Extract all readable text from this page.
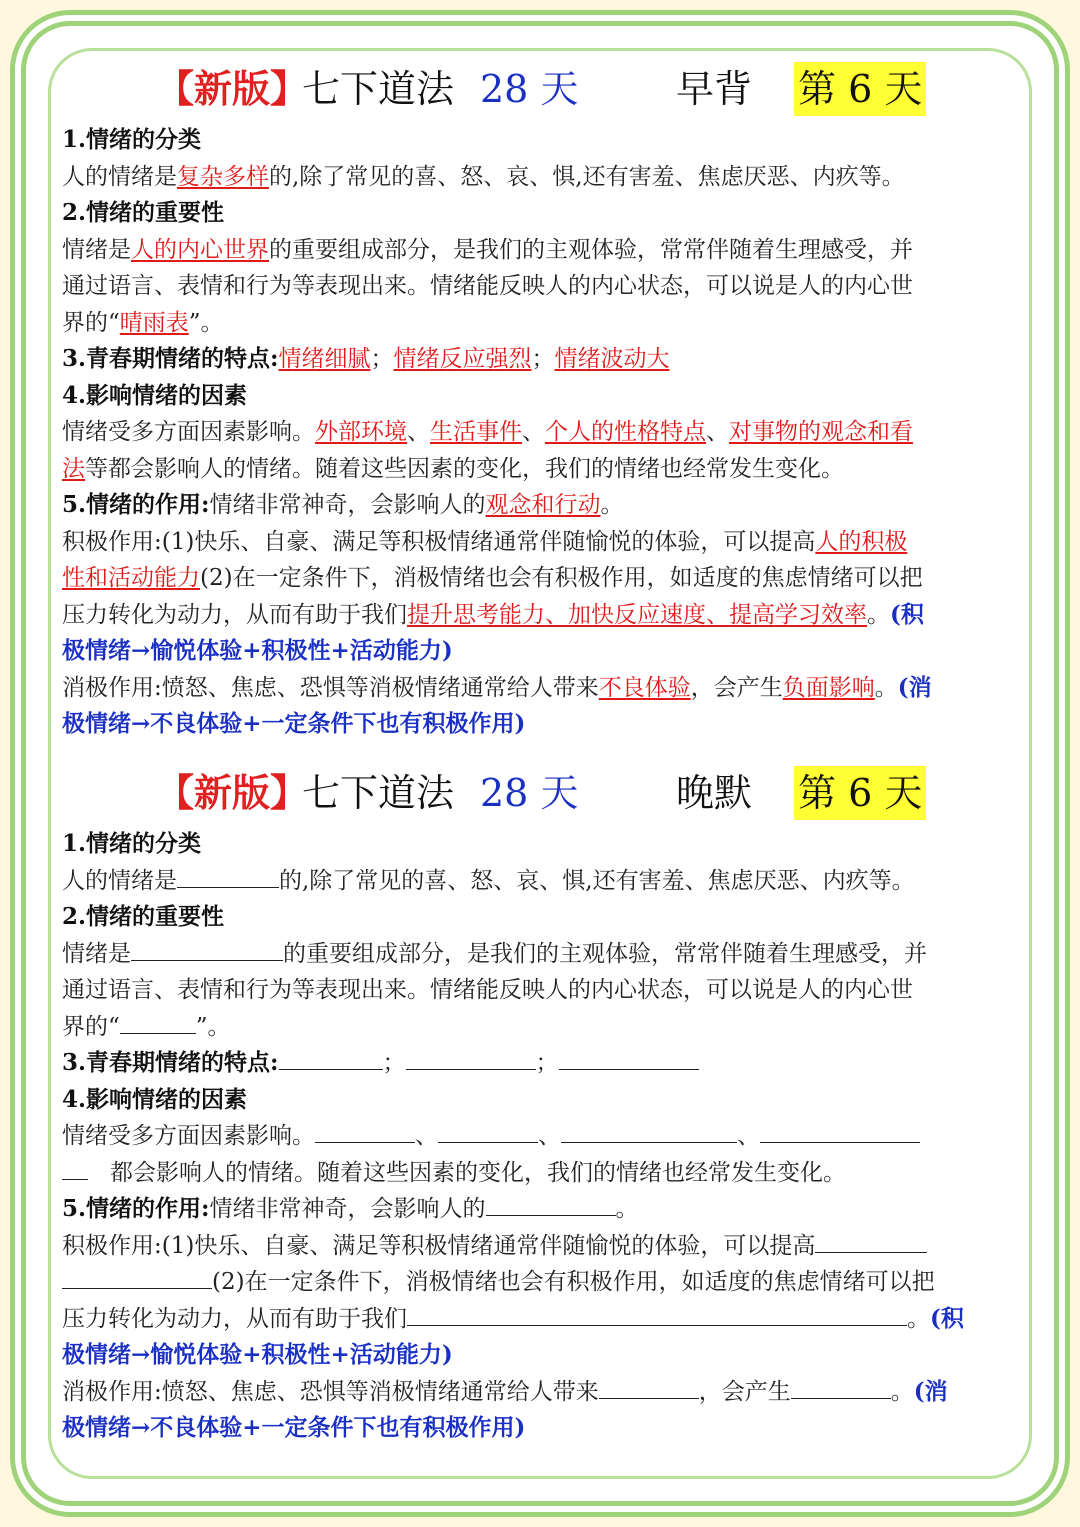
【新版】
七下道法 28 天	早背 第 6 天
1.情绪的分类
人的情绪是复杂多样的,除了常见的喜、怒、哀、惧,还有害羞、焦虑厌恶、内疚等。
2.情绪的重要性
情绪是人的内心世界的重要组成部分，是我们的主观体验，常常伴随着生理感受，并
通过语言、表情和行为等表现出来。情绪能反映人的内心状态，可以说是人的内心世
界的“晴雨表”。
3.青春期情绪的特点:情绪细腻；情绪反应强烈；情绪波动大
4.影响情绪的因素
情绪受多方面因素影响。外部环境、生活事件、个人的性格特点、对事物的观念和看
法等都会影响人的情绪。随着这些因素的变化，我们的情绪也经常发生变化。
5.情绪的作用:情绪非常神奇，会影响人的观念和行动。
积极作用:(1)快乐、自豪、满足等积极情绪通常伴随愉悦的体验，可以提高人的积极
性和活动能力(2)在一定条件下，消极情绪也会有积极作用，如适度的焦虑情绪可以把
压力转化为动力，从而有助于我们提升思考能力、加快反应速度、提高学习效率。(积
极情绪→愉悦体验+积极性+活动能力)
消极作用:愤怒、焦虑、恐惧等消极情绪通常给人带来不良体验，会产生负面影响。(消
极情绪→不良体验+一定条件下也有积极作用)
【新版】
七下道法 28 天	晚默 第 6 天
1.情绪的分类
人的情绪是	的,除了常见的喜、怒、哀、惧,还有害羞、焦虑厌恶、内疚等。
2.情绪的重要性
情绪是	的重要组成部分，是我们的主观体验，常常伴随着生理感受，并
通过语言、表情和行为等表现出来。情绪能反映人的内心状态，可以说是人的内心世
界的“	”。
3.青春期情绪的特点:	；	；
4.影响情绪的因素
情绪受多方面因素影响。	、	、	、
都会影响人的情绪。随着这些因素的变化，我们的情绪也经常发生变化。
5.情绪的作用:情绪非常神奇，会影响人的	。
积极作用:(1)快乐、自豪、满足等积极情绪通常伴随愉悦的体验，可以提高
(2)在一定条件下，消极情绪也会有积极作用，如适度的焦虑情绪可以把
压力转化为动力，从而有助于我们	。(积
极情绪→愉悦体验+积极性+活动能力)
消极作用:愤怒、焦虑、恐惧等消极情绪通常给人带来	，会产生	。(消
极情绪→不良体验+一定条件下也有积极作用)
